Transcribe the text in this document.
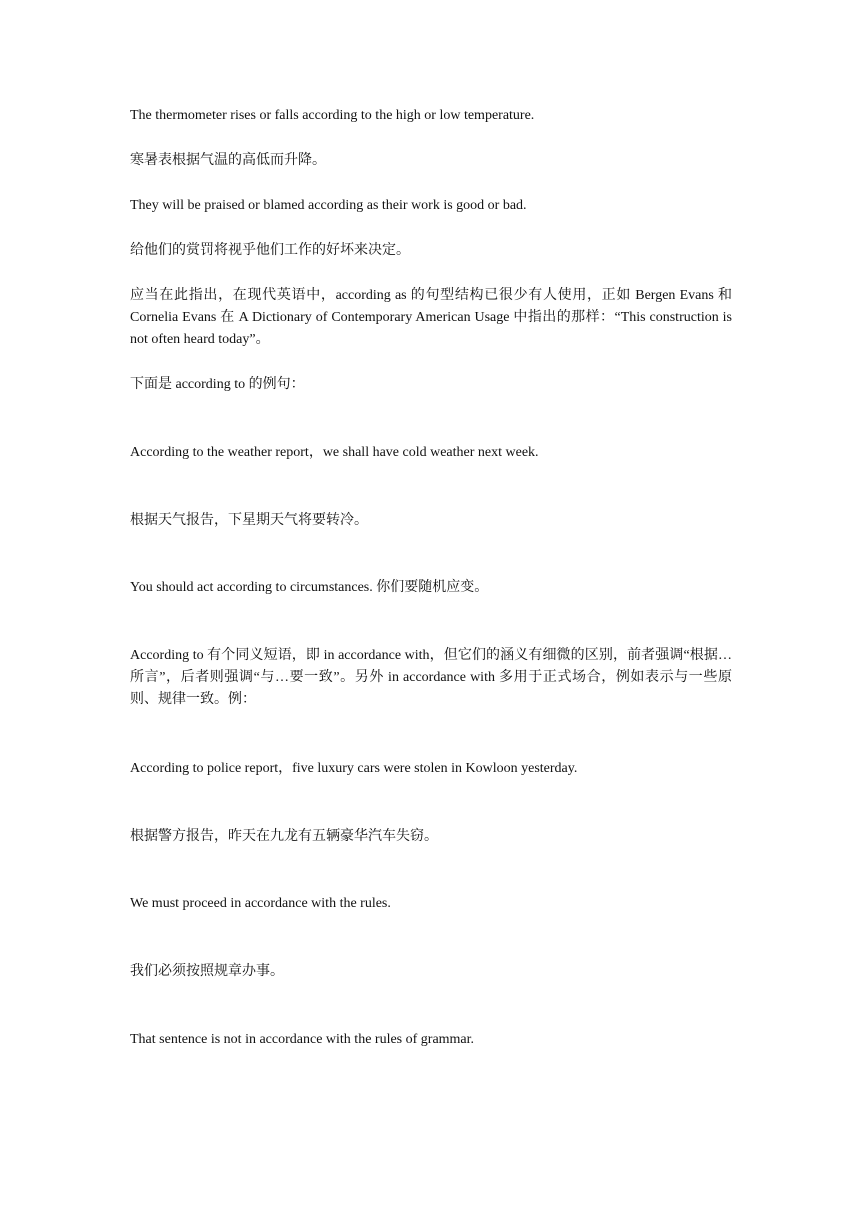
The thermometer rises or falls according to the high or low temperature.

寒暑表根据气温的高低而升降。

They will be praised or blamed according as their work is good or bad.

给他们的赏罚将视乎他们工作的好坏来决定。

应当在此指出，在现代英语中，according as 的句型结构已很少有人使用，正如 Bergen Evans 和 Cornelia Evans 在 A Dictionary of Contemporary American Usage 中指出的那样：“This construction is not often heard today”。

下面是 according to 的例句：

According to the weather report，we shall have cold weather next week.

根据天气报告，下星期天气将要转冷。

You should act according to circumstances. 你们要随机应变。

According to 有个同义短语，即 in accordance with，但它们的涵义有细微的区别，前者强调“根据…所言”，后者则强调“与…要一致”。另外 in accordance with 多用于正式场合，例如表示与一些原则、规律一致。例：

According to police report，five luxury cars were stolen in Kowloon yesterday.

根据警方报告，昨天在九龙有五辆豪华汽车失窃。

We must proceed in accordance with the rules.

我们必须按照规章办事。

That sentence is not in accordance with the rules of grammar.
